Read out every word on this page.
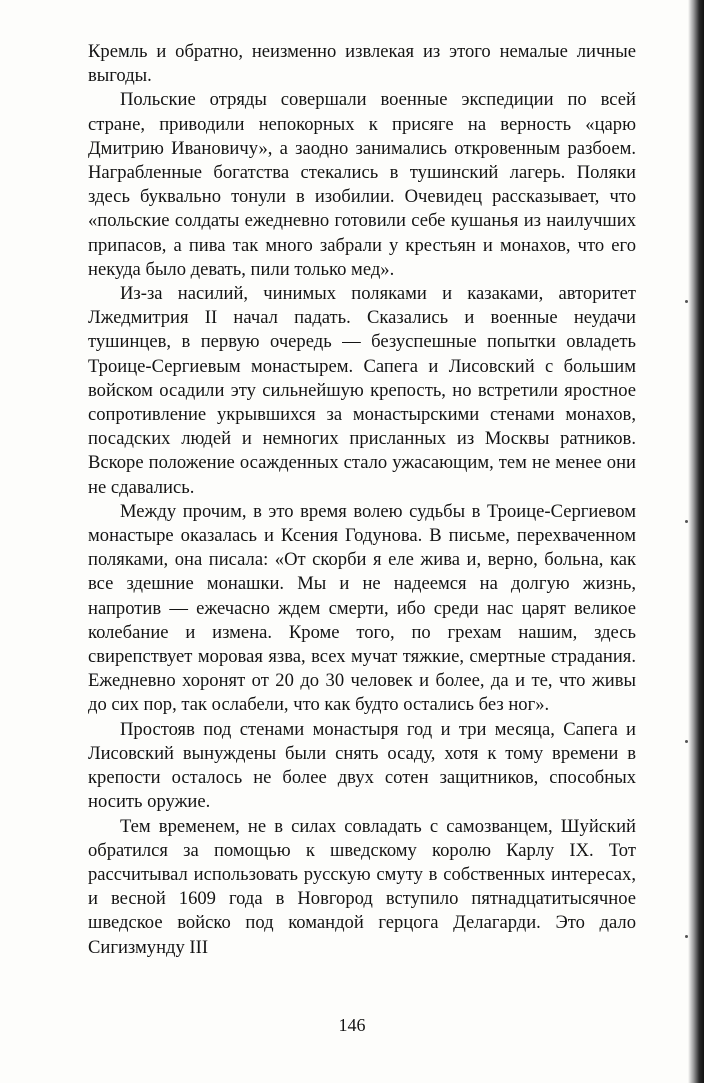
Кремль и обратно, неизменно извлекая из этого немалые личные выгоды.

Польские отряды совершали военные экспедиции по всей стране, приводили непокорных к присяге на верность «царю Дмитрию Ивановичу», а заодно занимались откровенным разбоем. Награбленные богатства стекались в тушинский лагерь. Поляки здесь буквально тонули в изобилии. Очевидец рассказывает, что «польские солдаты ежедневно готовили себе кушанья из наилучших припасов, а пива так много забрали у крестьян и монахов, что его некуда было девать, пили только мед».

Из-за насилий, чинимых поляками и казаками, авторитет Лжедмитрия II начал падать. Сказались и военные неудачи тушинцев, в первую очередь — безуспешные попытки овладеть Троице-Сергиевым монастырем. Сапега и Лисовский с большим войском осадили эту сильнейшую крепость, но встретили яростное сопротивление укрывшихся за монастырскими стенами монахов, посадских людей и немногих присланных из Москвы ратников. Вскоре положение осажденных стало ужасающим, тем не менее они не сдавались.

Между прочим, в это время волею судьбы в Троице-Сергиевом монастыре оказалась и Ксения Годунова. В письме, перехваченном поляками, она писала: «От скорби я еле жива и, верно, больна, как все здешние монашки. Мы и не надеемся на долгую жизнь, напротив — ежечасно ждем смерти, ибо среди нас царят великое колебание и измена. Кроме того, по грехам нашим, здесь свирепствует моровая язва, всех мучат тяжкие, смертные страдания. Ежедневно хоронят от 20 до 30 человек и более, да и те, что живы до сих пор, так ослабели, что как будто остались без ног».

Простояв под стенами монастыря год и три месяца, Сапега и Лисовский вынуждены были снять осаду, хотя к тому времени в крепости осталось не более двух сотен защитников, способных носить оружие.

Тем временем, не в силах совладать с самозванцем, Шуйский обратился за помощью к шведскому королю Карлу IX. Тот рассчитывал использовать русскую смуту в собственных интересах, и весной 1609 года в Новгород вступило пятнадцатитысячное шведское войско под командой герцога Делагарди. Это дало Сигизмунду III

146
